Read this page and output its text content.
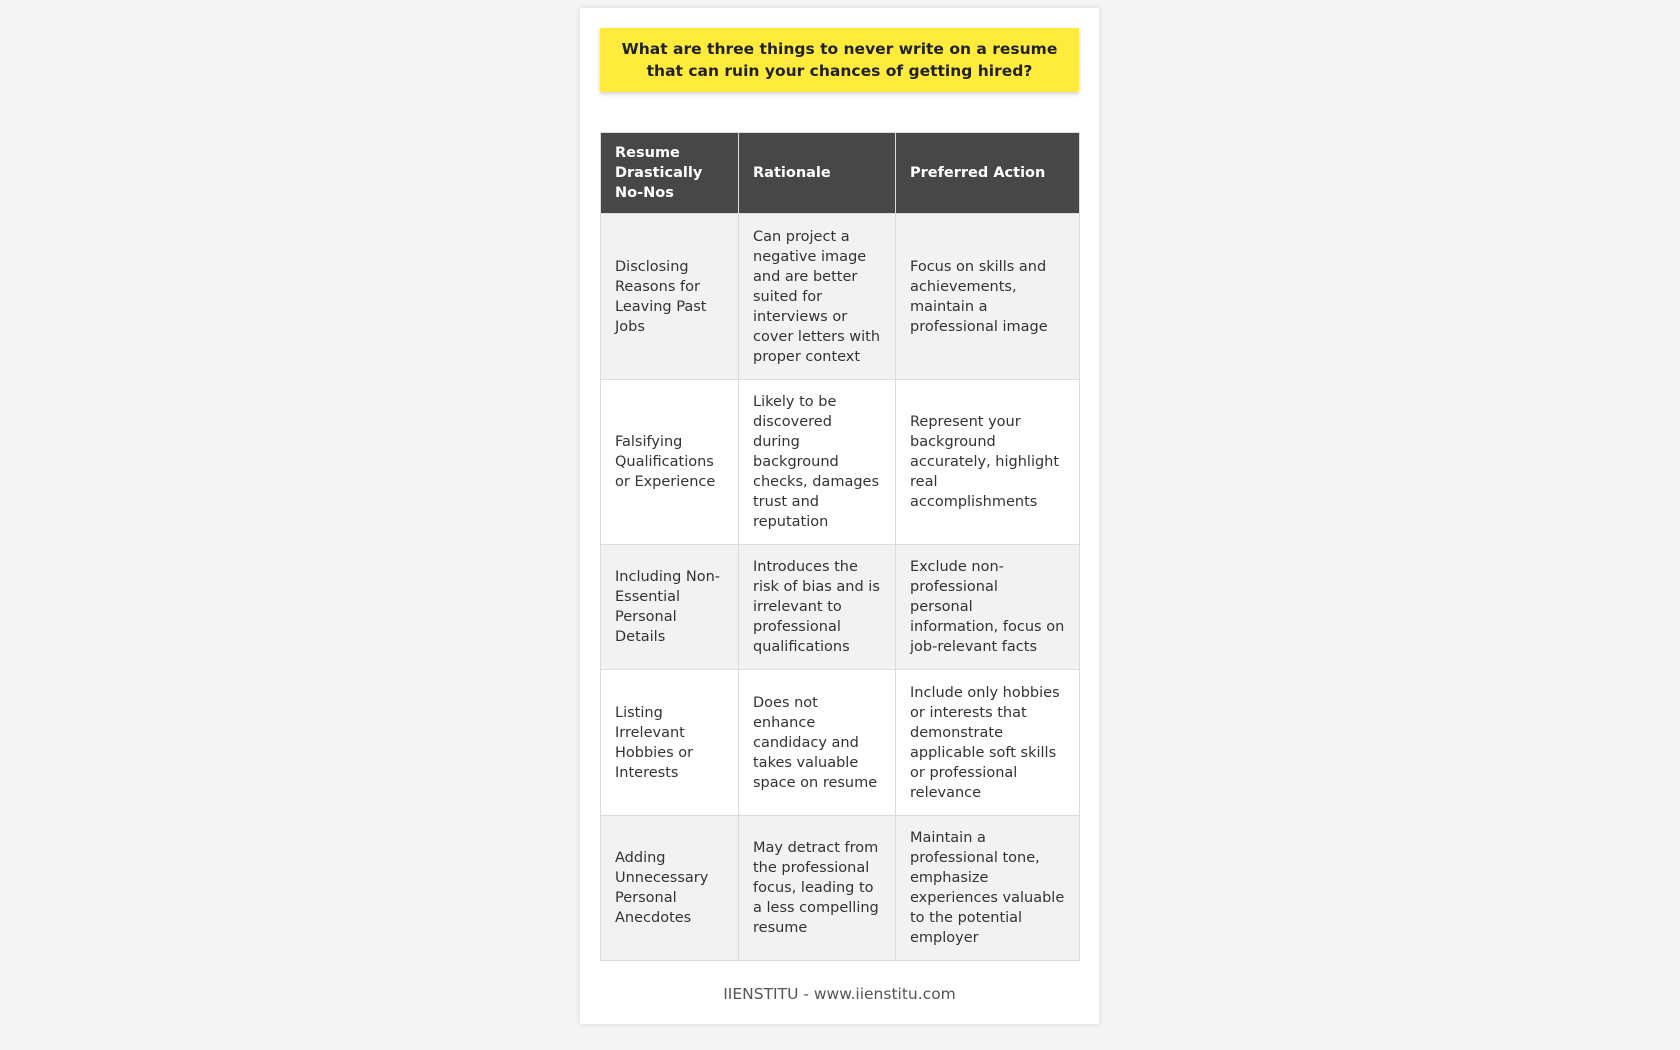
What are three things to never write on a resume that can ruin your chances of getting hired?
Resume Drastically No-Nos	Rationale	Preferred Action
Disclosing Reasons for Leaving Past Jobs	Can project a negative image and are better suited for interviews or cover letters with proper context	Focus on skills and achievements, maintain a professional image
Falsifying Qualifications or Experience	Likely to be discovered during background checks, damages trust and reputation	Represent your background accurately, highlight real accomplishments
Including Non-Essential Personal Details	Introduces the risk of bias and is irrelevant to professional qualifications	Exclude non-professional personal information, focus on job-relevant facts
Listing Irrelevant Hobbies or Interests	Does not enhance candidacy and takes valuable space on resume	Include only hobbies or interests that demonstrate applicable soft skills or professional relevance
Adding Unnecessary Personal Anecdotes	May detract from the professional focus, leading to a less compelling resume	Maintain a professional tone, emphasize experiences valuable to the potential employer
IIENSTITU - www.iienstitu.com
